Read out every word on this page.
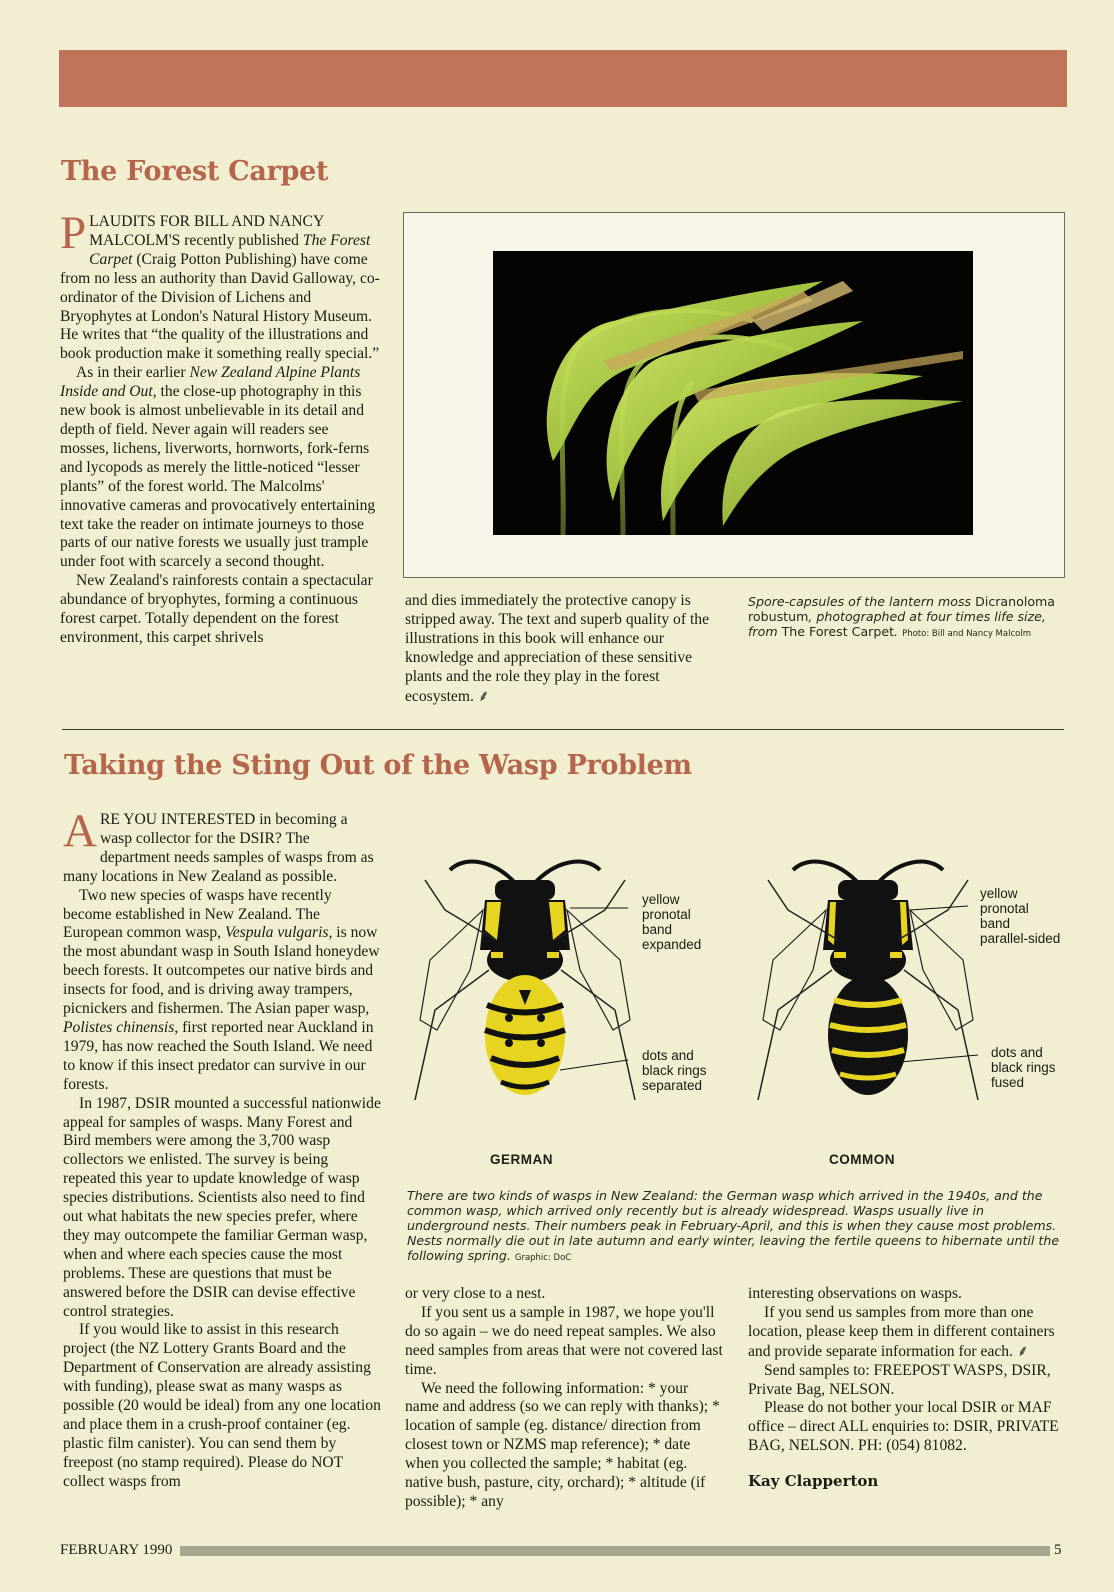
The Forest Carpet

PLAUDITS FOR BILL AND NANCY MALCOLM'S recently published The Forest Carpet (Craig Potton Publishing) have come from no less an authority than David Galloway, co-ordinator of the Division of Lichens and Bryophytes at London's Natural History Museum. He writes that “the quality of the illustrations and book production make it something really special.”

As in their earlier New Zealand Alpine Plants Inside and Out, the close-up photography in this new book is almost unbelievable in its detail and depth of field. Never again will readers see mosses, lichens, liverworts, hornworts, fork-ferns and lycopods as merely the little-noticed “lesser plants” of the forest world. The Malcolms' innovative cameras and provocatively entertaining text take the reader on intimate journeys to those parts of our native forests we usually just trample under foot with scarcely a second thought.

New Zealand's rainforests contain a spectacular abundance of bryophytes, forming a continuous forest carpet. Totally dependent on the forest environment, this carpet shrivels

and dies immediately the protective canopy is stripped away. The text and superb quality of the illustrations in this book will enhance our knowledge and appreciation of these sensitive plants and the role they play in the forest ecosystem. ⸙

Spore-capsules of the lantern moss Dicranoloma robustum, photographed at four times life size, from The Forest Carpet. Photo: Bill and Nancy Malcolm
Taking the Sting Out of the Wasp Problem

ARE YOU INTERESTED in becoming a wasp collector for the DSIR? The department needs samples of wasps from as many locations in New Zealand as possible.

Two new species of wasps have recently become established in New Zealand. The European common wasp, Vespula vulgaris, is now the most abundant wasp in South Island honeydew beech forests. It outcompetes our native birds and insects for food, and is driving away trampers, picnickers and fishermen. The Asian paper wasp, Polistes chinensis, first reported near Auckland in 1979, has now reached the South Island. We need to know if this insect predator can survive in our forests.

In 1987, DSIR mounted a successful nationwide appeal for samples of wasps. Many Forest and Bird members were among the 3,700 wasp collectors we enlisted. The survey is being repeated this year to update knowledge of wasp species distributions. Scientists also need to find out what habitats the new species prefer, where they may outcompete the familiar German wasp, when and where each species cause the most problems. These are questions that must be answered before the DSIR can devise effective control strategies.

If you would like to assist in this research project (the NZ Lottery Grants Board and the Department of Conservation are already assisting with funding), please swat as many wasps as possible (20 would be ideal) from any one location and place them in a crush-proof container (eg. plastic film canister). You can send them by freepost (no stamp required). Please do NOT collect wasps from

yellow
pronotal
band
expanded
dots and
black rings
separated
yellow
pronotal
band
parallel-sided
dots and
black rings
fused
GERMAN	COMMON
There are two kinds of wasps in New Zealand: the German wasp which arrived in the 1940s, and the common wasp, which arrived only recently but is already widespread. Wasps usually live in underground nests. Their numbers peak in February-April, and this is when they cause most problems. Nests normally die out in late autumn and early winter, leaving the fertile queens to hibernate until the following spring. Graphic: DoC

or very close to a nest.

If you sent us a sample in 1987, we hope you'll do so again – we do need repeat samples. We also need samples from areas that were not covered last time.

We need the following information: * your name and address (so we can reply with thanks); * location of sample (eg. distance/ direction from closest town or NZMS map reference); * date when you collected the sample; * habitat (eg. native bush, pasture, city, orchard); * altitude (if possible); * any

interesting observations on wasps.

If you send us samples from more than one location, please keep them in different containers and provide separate information for each. ⸙

Send samples to: FREEPOST WASPS, DSIR, Private Bag, NELSON.

Please do not bother your local DSIR or MAF office – direct ALL enquiries to: DSIR, PRIVATE BAG, NELSON. PH: (054) 81082.

Kay Clapperton

FEBRUARY 1990	5
